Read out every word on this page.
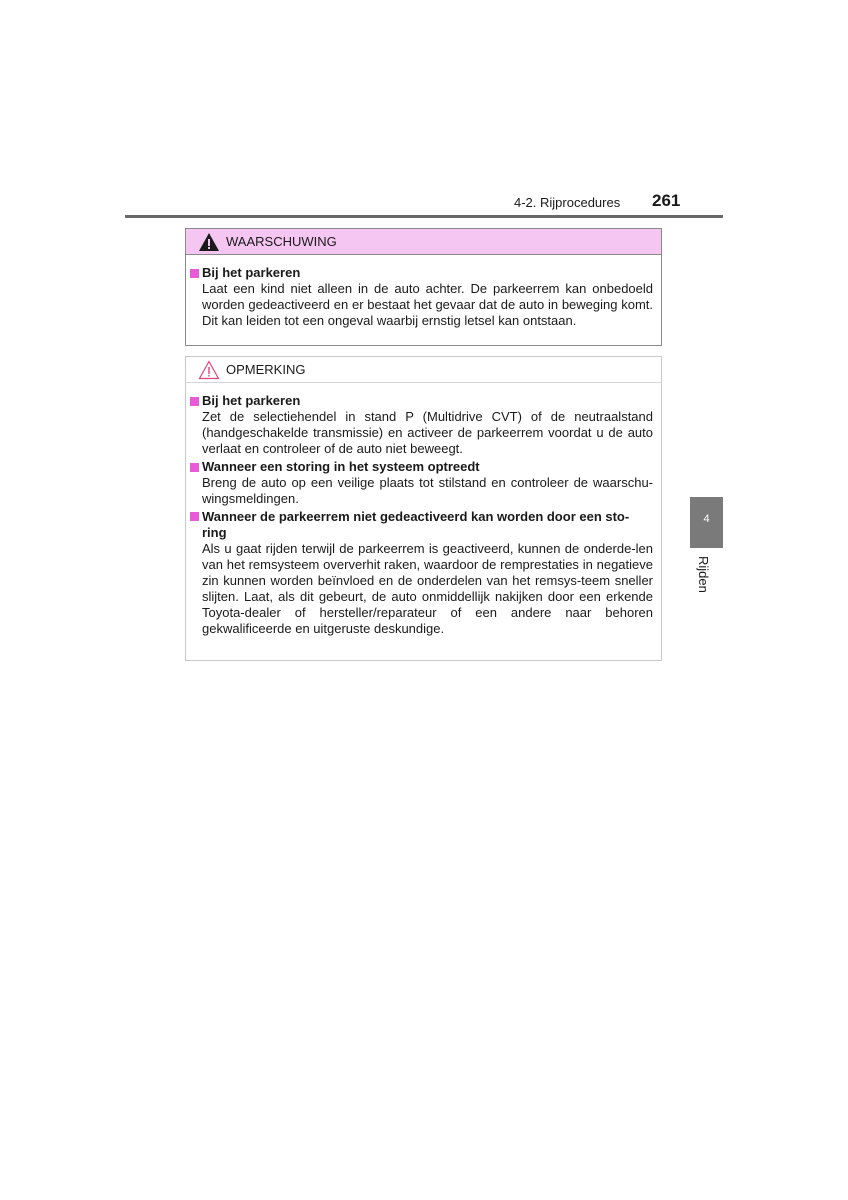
4-2. Rijprocedures 261
WAARSCHUWING
Bij het parkeren
Laat een kind niet alleen in de auto achter. De parkeerrem kan onbedoeld worden gedeactiveerd en er bestaat het gevaar dat de auto in beweging komt. Dit kan leiden tot een ongeval waarbij ernstig letsel kan ontstaan.
OPMERKING
Bij het parkeren
Zet de selectiehendel in stand P (Multidrive CVT) of de neutraalstand (handgeschakelde transmissie) en activeer de parkeerrem voordat u de auto verlaat en controleer of de auto niet beweegt.
Wanneer een storing in het systeem optreedt
Breng de auto op een veilige plaats tot stilstand en controleer de waarschu-wingsmeldingen.
Wanneer de parkeerrem niet gedeactiveerd kan worden door een sto-ring
Als u gaat rijden terwijl de parkeerrem is geactiveerd, kunnen de onderde-len van het remsysteem oververhit raken, waardoor de remprestaties in negatieve zin kunnen worden beïnvloed en de onderdelen van het remsys-teem sneller slijten. Laat, als dit gebeurt, de auto onmiddellijk nakijken door een erkende Toyota-dealer of hersteller/reparateur of een andere naar behoren gekwalificeerde en uitgeruste deskundige.
4
Rijden
